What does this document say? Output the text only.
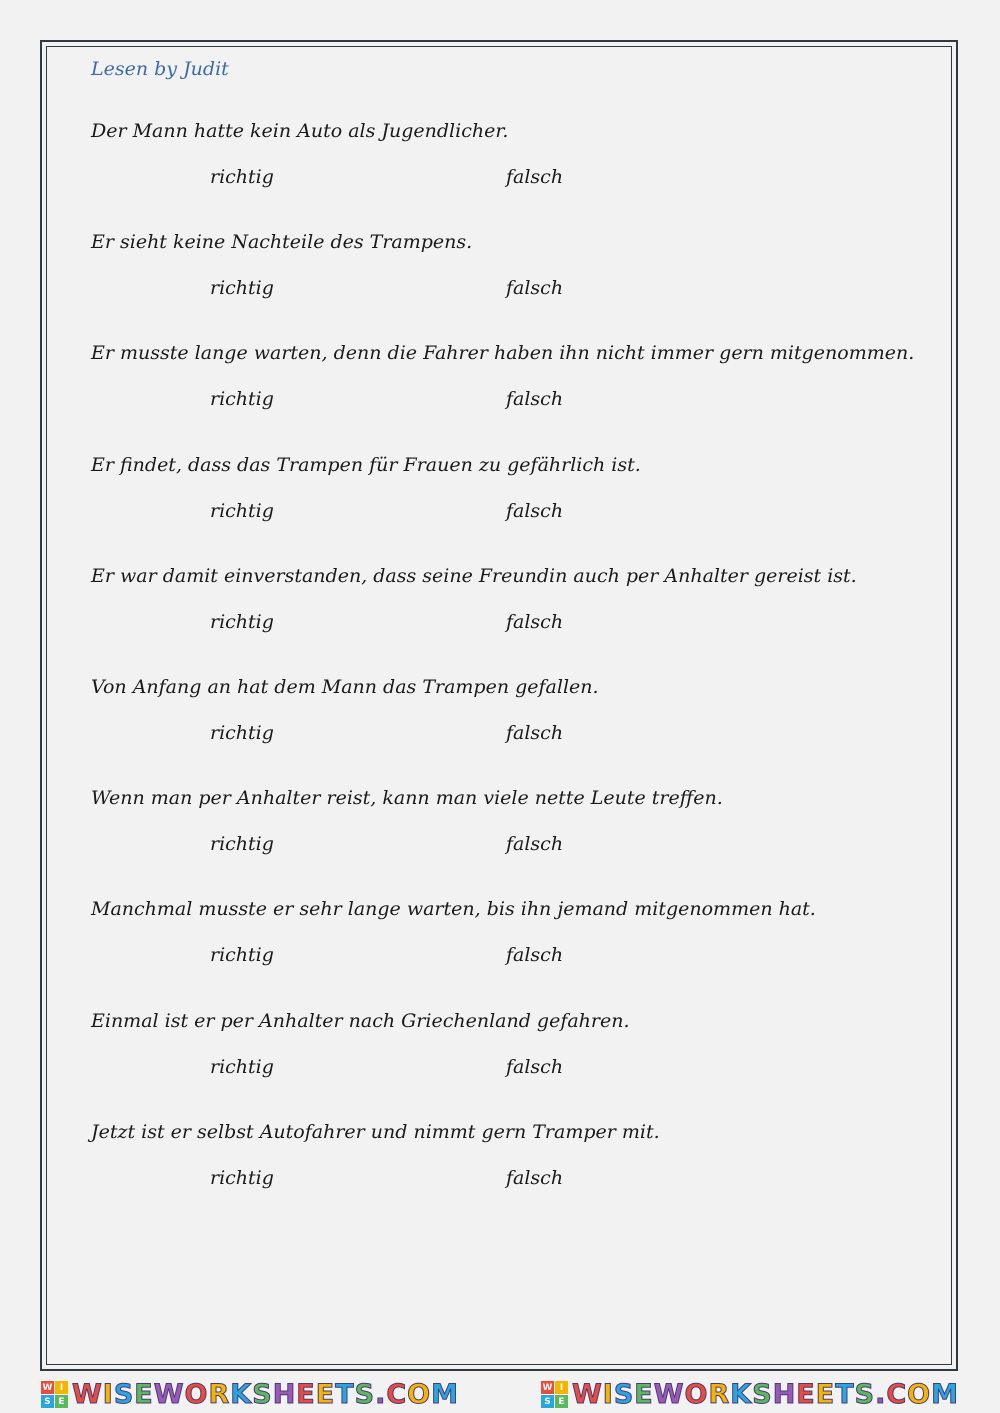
Lesen by Judit
Der Mann hatte kein Auto als Jugendlicher.
richtig	falsch
Er sieht keine Nachteile des Trampens.
richtig	falsch
Er musste lange warten, denn die Fahrer haben ihn nicht immer gern mitgenommen.
richtig	falsch
Er findet, dass das Trampen für Frauen zu gefährlich ist.
richtig	falsch
Er war damit einverstanden, dass seine Freundin auch per Anhalter gereist ist.
richtig	falsch
Von Anfang an hat dem Mann das Trampen gefallen.
richtig	falsch
Wenn man per Anhalter reist, kann man viele nette Leute treffen.
richtig	falsch
Manchmal musste er sehr lange warten, bis ihn jemand mitgenommen hat.
richtig	falsch
Einmal ist er per Anhalter nach Griechenland gefahren.
richtig	falsch
Jetzt ist er selbst Autofahrer und nimmt gern Tramper mit.
richtig	falsch
W I
S E WISEWORKSHEETS.COM	W I
S E WISEWORKSHEETS.COM
